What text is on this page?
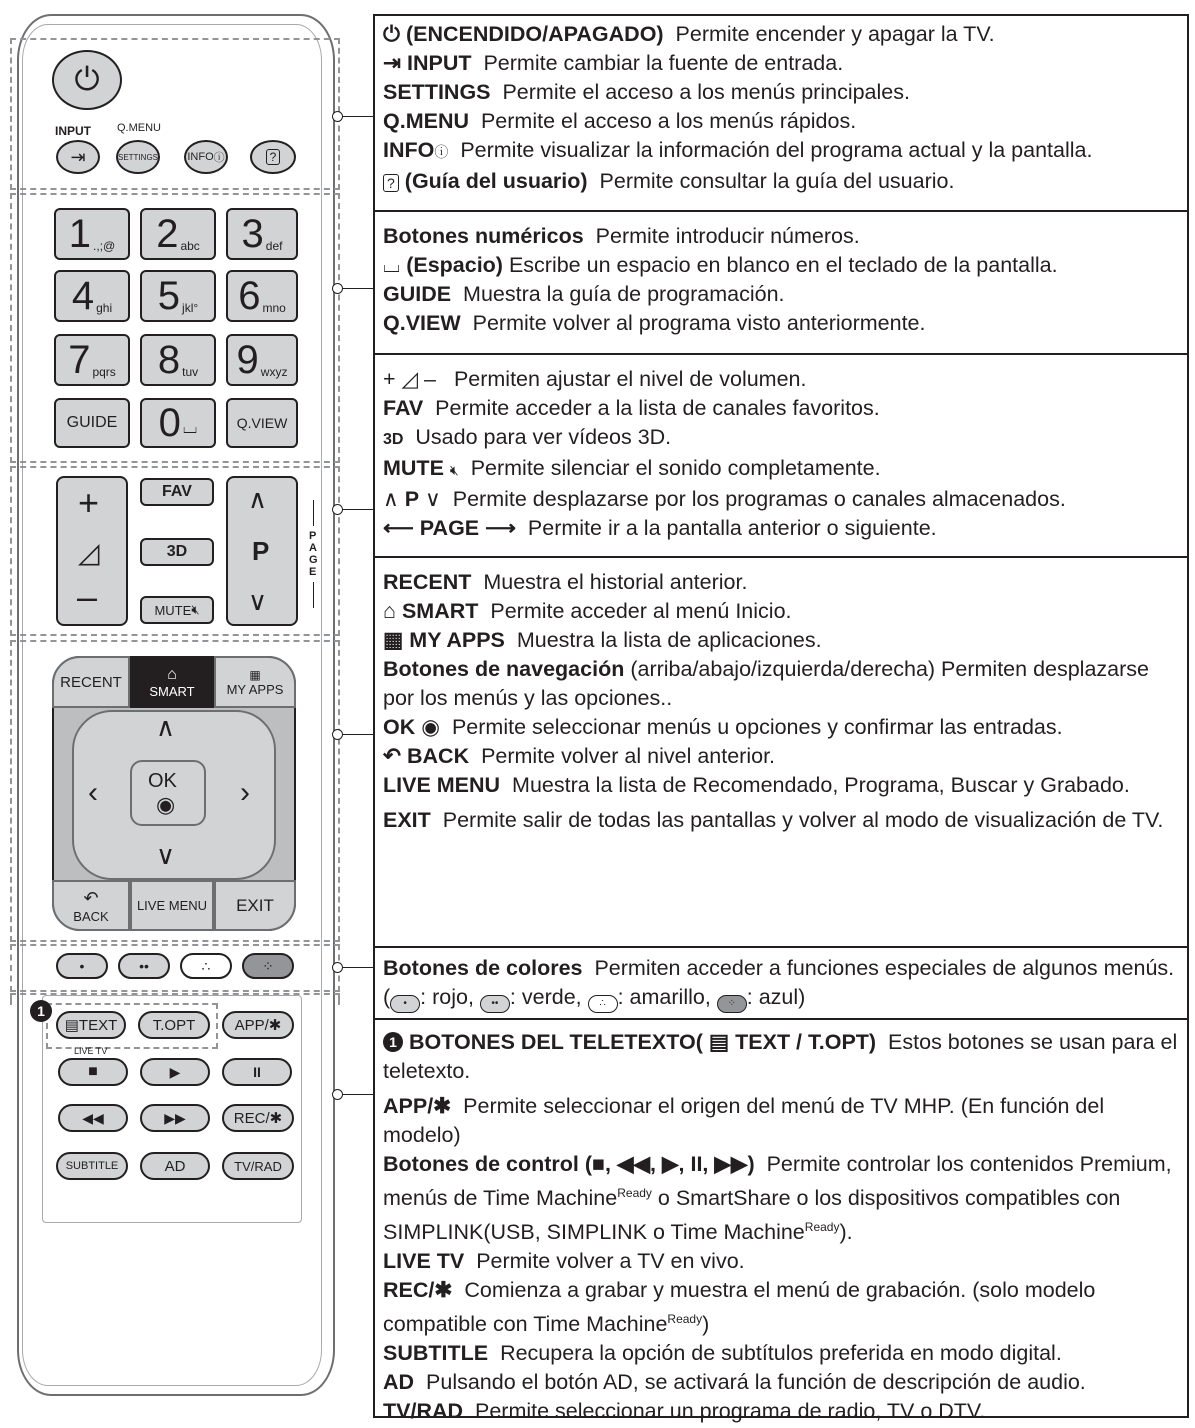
⏻
INPUT Q.MENU
⇥	SETTINGS	INFO ⓘ	?
1 .,;@ 2 abc 3 def
4 ghi 5 jkl° 6 mno
7 pqrs 8 tuv 9 wxyz
GUIDE	0 ⌴	Q.VIEW
+
◿
–
FAV
3D
MUTE 🔇︎
∧
P
∨
PAGE
RECENT	⌂
SMART
▦
MY APPS
∧
∨
‹	›
OK
◉
↶
BACK
LIVE MENU	EXIT
•	••	∴	⁘
1
▤ TEXT	T.OPT	APP/✱
LIVE TV
■	▶	II
◀◀	▶▶	REC/✱
SUBTITLE	AD	TV/RAD
⏻ (ENCENDIDO/APAGADO) Permite encender y apagar la TV.
⇥ INPUT Permite cambiar la fuente de entrada.
SETTINGS Permite el acceso a los menús principales.
Q.MENU Permite el acceso a los menús rápidos.
INFOⓘ Permite visualizar la información del programa actual y la pantalla.
? (Guía del usuario) Permite consultar la guía del usuario.
Botones numéricos Permite introducir números.
⌴ (Espacio) Escribe un espacio en blanco en el teclado de la pantalla.
GUIDE Muestra la guía de programación.
Q.VIEW Permite volver al programa visto anteriormente.
+ ◿ –   Permiten ajustar el nivel de volumen.
FAV Permite acceder a la lista de canales favoritos.
3D Usado para ver vídeos 3D.
MUTE 🔇︎ Permite silenciar el sonido completamente.
∧ P ∨  Permite desplazarse por los programas o canales almacenados.
⟵ PAGE ⟶  Permite ir a la pantalla anterior o siguiente.
RECENT Muestra el historial anterior.
⌂ SMART Permite acceder al menú Inicio.
▦ MY APPS Muestra la lista de aplicaciones.
Botones de navegación (arriba/abajo/izquierda/derecha) Permiten desplazarse por los menús y las opciones..
OK ◉ Permite seleccionar menús u opciones y confirmar las entradas.
↶ BACK Permite volver al nivel anterior.
LIVE MENU Muestra la lista de Recomendado, Programa, Buscar y Grabado.
EXIT Permite salir de todas las pantallas y volver al modo de visualización de TV.
Botones de colores Permiten acceder a funciones especiales de algunos menús. ( • : rojo, •• : verde, ∴ : amarillo, ⁘ : azul)
1 BOTONES DEL TELETEXTO( ▤ TEXT / T.OPT) Estos botones se usan para el teletexto.
APP/✱ Permite seleccionar el origen del menú de TV MHP. (En función del modelo)
Botones de control (■, ◀◀, ▶, II, ▶▶) Permite controlar los contenidos Premium, menús de Time Machine$^{Ready}$ o SmartShare o los dispositivos compatibles con SIMPLINK(USB, SIMPLINK o Time Machine$^{Ready}$).
LIVE TV Permite volver a TV en vivo.
REC/✱ Comienza a grabar y muestra el menú de grabación. (solo modelo compatible con Time Machine$^{Ready}$)
SUBTITLE Recupera la opción de subtítulos preferida en modo digital.
AD Pulsando el botón AD, se activará la función de descripción de audio.
TV/RAD Permite seleccionar un programa de radio, TV o DTV.
